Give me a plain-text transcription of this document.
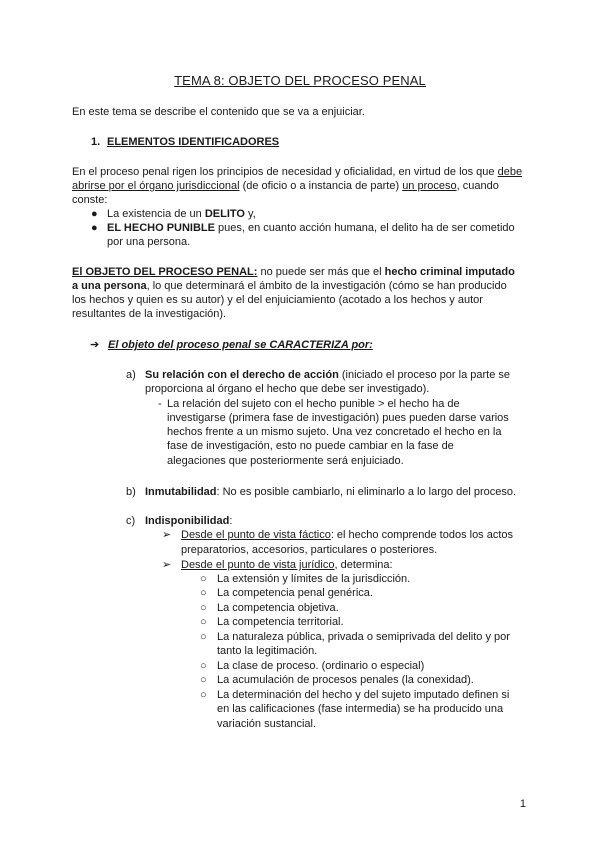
TEMA 8: OBJETO DEL PROCESO PENAL
En este tema se describe el contenido que se va a enjuiciar.
1. ELEMENTOS IDENTIFICADORES
En el proceso penal rigen los principios de necesidad y oficialidad, en virtud de los que debe
abrirse por el órgano jurisdiccional (de oficio o a instancia de parte) un proceso, cuando
conste:
● La existencia de un DELITO y,
● EL HECHO PUNIBLE pues, en cuanto acción humana, el delito ha de ser cometido
por una persona.
El OBJETO DEL PROCESO PENAL: no puede ser más que el hecho criminal imputado
a una persona, lo que determinará el ámbito de la investigación (cómo se han producido
los hechos y quien es su autor) y el del enjuiciamiento (acotado a los hechos y autor
resultantes de la investigación).
➔ El objeto del proceso penal se CARACTERIZA por:
a) Su relación con el derecho de acción (iniciado el proceso por la parte se
proporciona al órgano el hecho que debe ser investigado).
- La relación del sujeto con el hecho punible > el hecho ha de
investigarse (primera fase de investigación) pues pueden darse varios
hechos frente a un mismo sujeto. Una vez concretado el hecho en la
fase de investigación, esto no puede cambiar en la fase de
alegaciones que posteriormente será enjuiciado.
b) Inmutabilidad: No es posible cambiarlo, ni eliminarlo a lo largo del proceso.
c) Indisponibilidad:
➢ Desde el punto de vista fáctico: el hecho comprende todos los actos
preparatorios, accesorios, particulares o posteriores.
➢ Desde el punto de vista jurídico, determina:
○ La extensión y límites de la jurisdicción.
○ La competencia penal genérica.
○ La competencia objetiva.
○ La competencia territorial.
○ La naturaleza pública, privada o semiprivada del delito y por
tanto la legitimación.
○ La clase de proceso. (ordinario o especial)
○ La acumulación de procesos penales (la conexidad).
○ La determinación del hecho y del sujeto imputado definen si
en las calificaciones (fase intermedia) se ha producido una
variación sustancial.
1
